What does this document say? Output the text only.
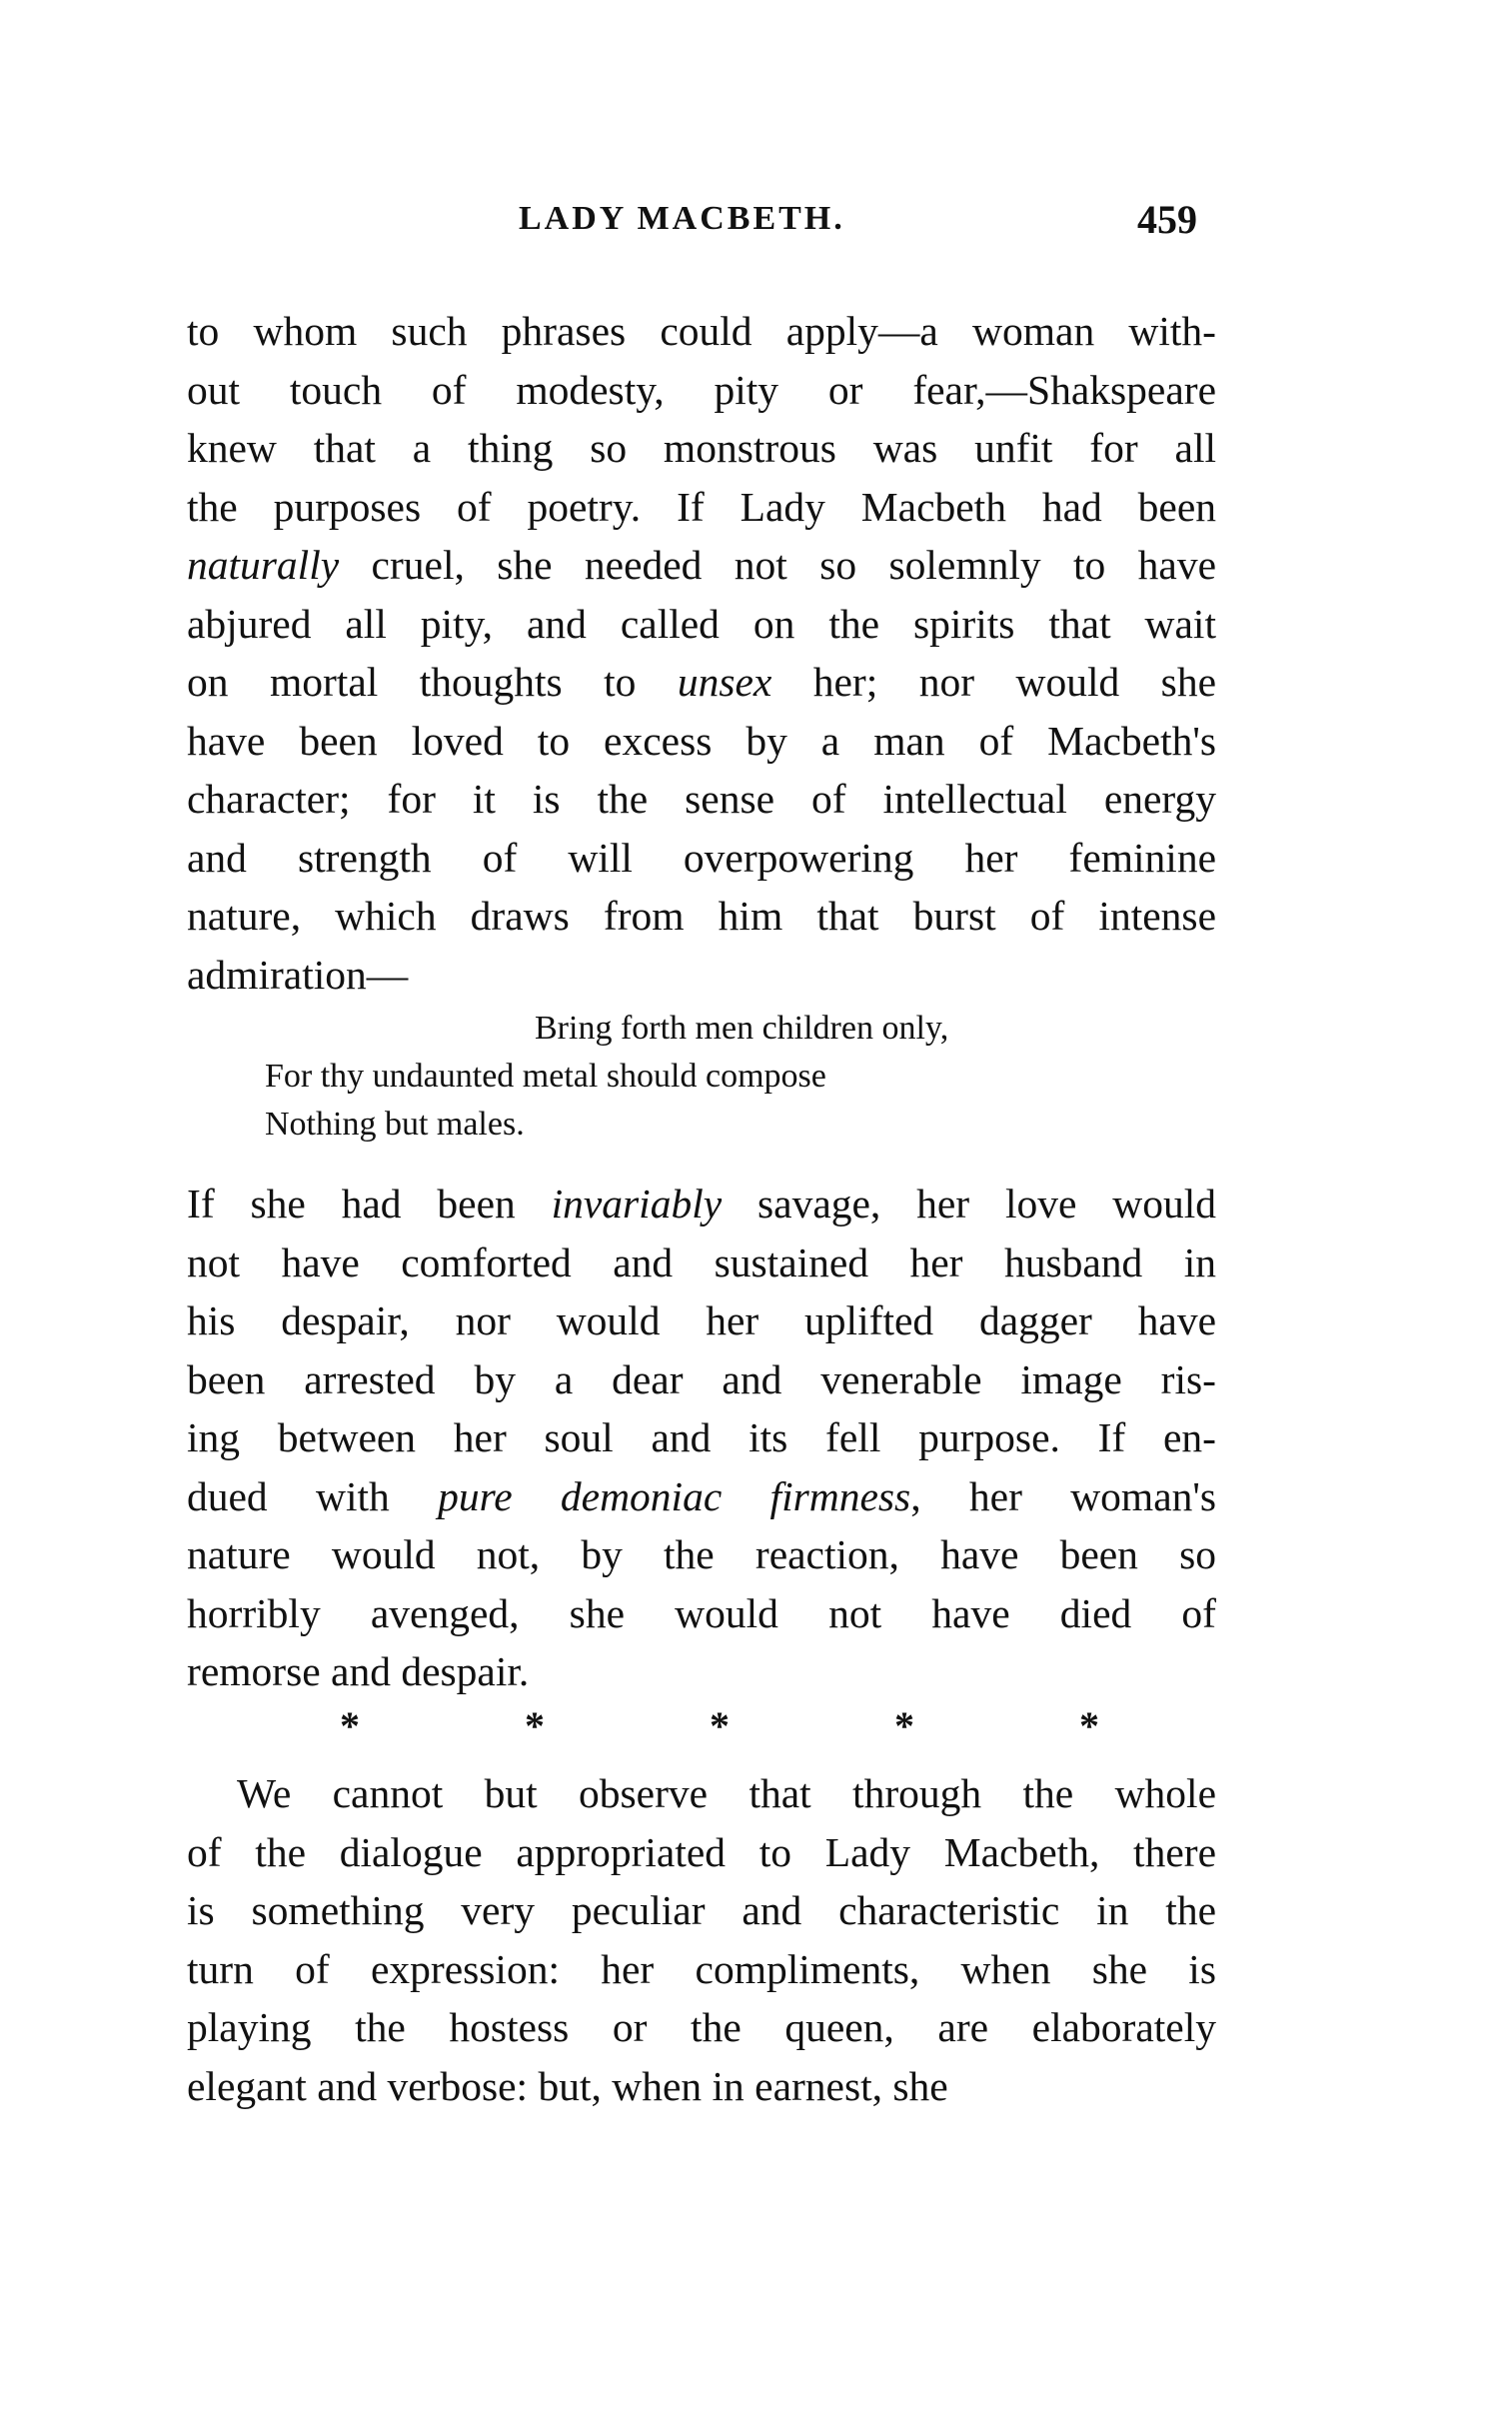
LADY MACBETH.	459
to whom such phrases could apply—a woman with-
out touch of modesty, pity or fear,—Shakspeare
knew that a thing so monstrous was unfit for all
the purposes of poetry. If Lady Macbeth had been
naturally cruel, she needed not so solemnly to have
abjured all pity, and called on the spirits that wait
on mortal thoughts to unsex her; nor would she
have been loved to excess by a man of Macbeth's
character; for it is the sense of intellectual energy
and strength of will overpowering her feminine
nature, which draws from him that burst of intense
admiration—
Bring forth men children only,
For thy undaunted metal should compose
Nothing but males.
If she had been invariably savage, her love would
not have comforted and sustained her husband in
his despair, nor would her uplifted dagger have
been arrested by a dear and venerable image ris-
ing between her soul and its fell purpose. If en-
dued with pure demoniac firmness, her woman's
nature would not, by the reaction, have been so
horribly avenged, she would not have died of
remorse and despair.
*	*	*	*	*
We cannot but observe that through the whole
of the dialogue appropriated to Lady Macbeth, there
is something very peculiar and characteristic in the
turn of expression: her compliments, when she is
playing the hostess or the queen, are elaborately
elegant and verbose: but, when in earnest, she
